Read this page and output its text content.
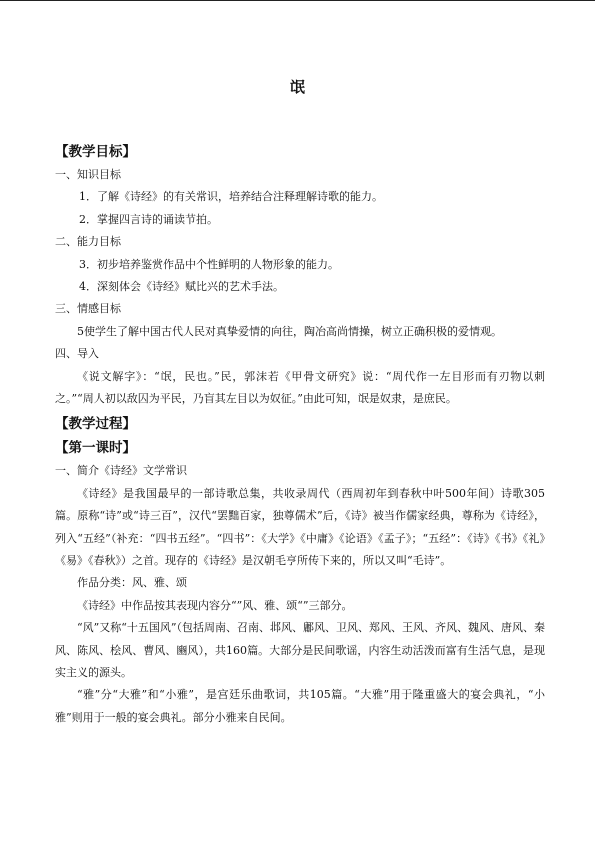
氓
【教学目标】
一、知识目标
1．了解《诗经》的有关常识，培养结合注释理解诗歌的能力。
2．掌握四言诗的诵读节拍。
二、能力目标
3．初步培养鉴赏作品中个性鲜明的人物形象的能力。
4．深刻体会《诗经》赋比兴的艺术手法。
三、情感目标
5使学生了解中国古代人民对真挚爱情的向往，陶冶高尚情操，树立正确积极的爱情观。
四、导入
《说文解字》：“氓，民也。”民，郭沫若《甲骨文研究》说：“周代作一左目形而有刃物以刺之。”“周人初以敌囚为平民，乃盲其左目以为奴征。”由此可知，氓是奴隶，是庶民。
【教学过程】
【第一课时】
一、简介《诗经》文学常识
《诗经》是我国最早的一部诗歌总集，共收录周代（西周初年到春秋中叶500年间）诗歌305篇。原称“诗”或“诗三百”，汉代“罢黜百家，独尊儒术”后，《诗》被当作儒家经典，尊称为《诗经》，列入“五经”（补充：“四书五经”。“四书”：《大学》《中庸》《论语》《孟子》；“五经”：《诗》《书》《礼》《易》《春秋》）之首。现存的《诗经》是汉朝毛亨所传下来的，所以又叫“毛诗”。
作品分类：风、雅、颂
《诗经》中作品按其表现内容分“”风、雅、颂“”三部分。
“风”又称“十五国风”（包括周南、召南、邶风、鄘风、卫风、郑风、王风、齐风、魏风、唐风、秦风、陈风、桧风、曹风、豳风），共160篇。大部分是民间歌谣，内容生动活泼而富有生活气息，是现实主义的源头。
“雅”分“大雅”和“小雅”，是宫廷乐曲歌词，共105篇。“大雅”用于隆重盛大的宴会典礼，“小雅”则用于一般的宴会典礼。部分小雅来自民间。
